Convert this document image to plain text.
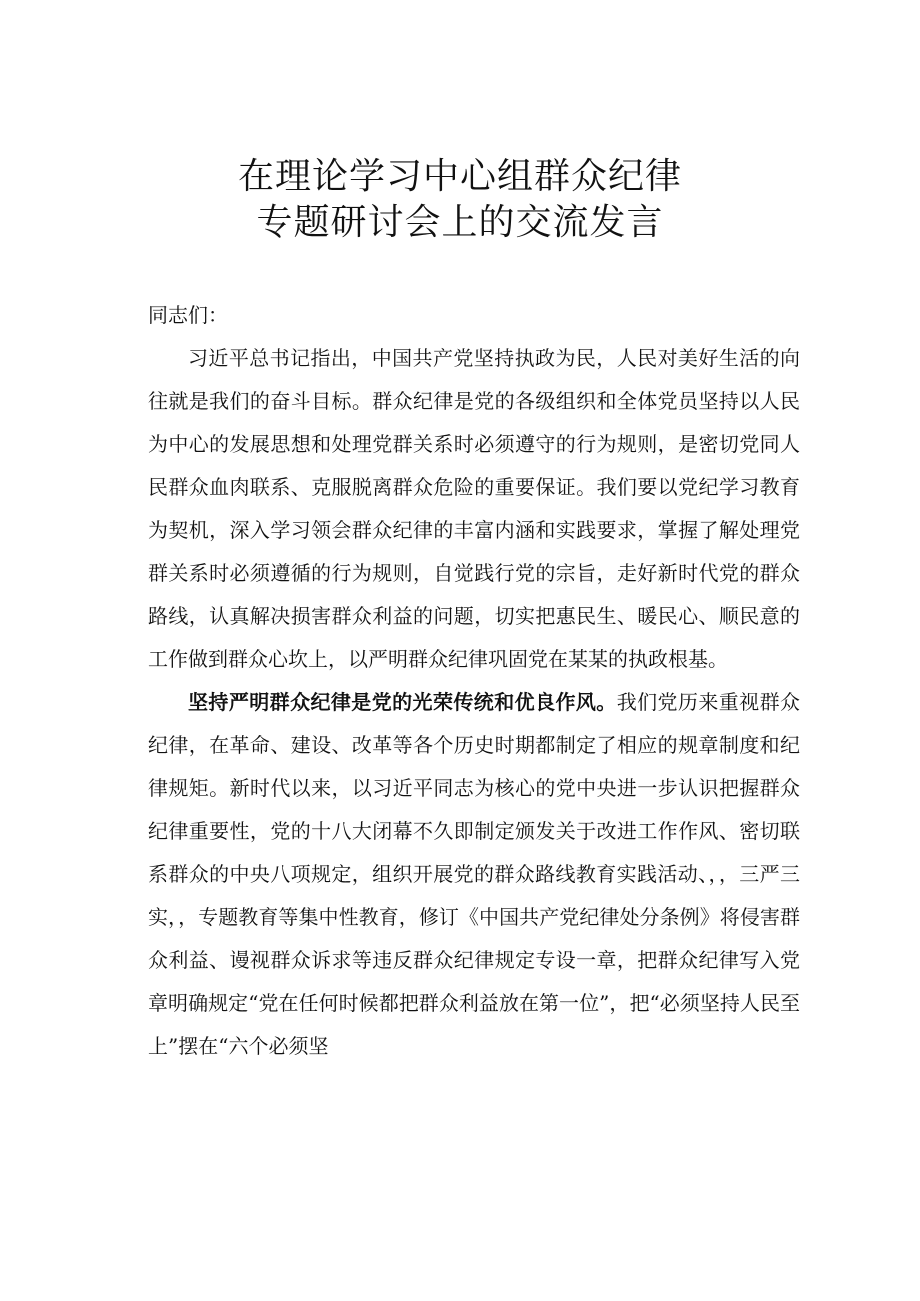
在理论学习中心组群众纪律
专题研讨会上的交流发言

同志们：

习近平总书记指出，中国共产党坚持执政为民，人民对美好生活的向往就是我们的奋斗目标。群众纪律是党的各级组织和全体党员坚持以人民为中心的发展思想和处理党群关系时必须遵守的行为规则，是密切党同人民群众血肉联系、克服脱离群众危险的重要保证。我们要以党纪学习教育为契机，深入学习领会群众纪律的丰富内涵和实践要求，掌握了解处理党群关系时必须遵循的行为规则，自觉践行党的宗旨，走好新时代党的群众路线，认真解决损害群众利益的问题，切实把惠民生、暖民心、顺民意的工作做到群众心坎上，以严明群众纪律巩固党在某某的执政根基。

坚持严明群众纪律是党的光荣传统和优良作风。我们党历来重视群众纪律，在革命、建设、改革等各个历史时期都制定了相应的规章制度和纪律规矩。新时代以来，以习近平同志为核心的党中央进一步认识把握群众纪律重要性，党的十八大闭幕不久即制定颁发关于改进工作作风、密切联系群众的中央八项规定，组织开展党的群众路线教育实践活动、，，三严三实，，专题教育等集中性教育，修订《中国共产党纪律处分条例》将侵害群众利益、谩视群众诉求等违反群众纪律规定专设一章，把群众纪律写入党章明确规定“党在任何时候都把群众利益放在第一位”，把“必须坚持人民至上”摆在“六个必须坚
